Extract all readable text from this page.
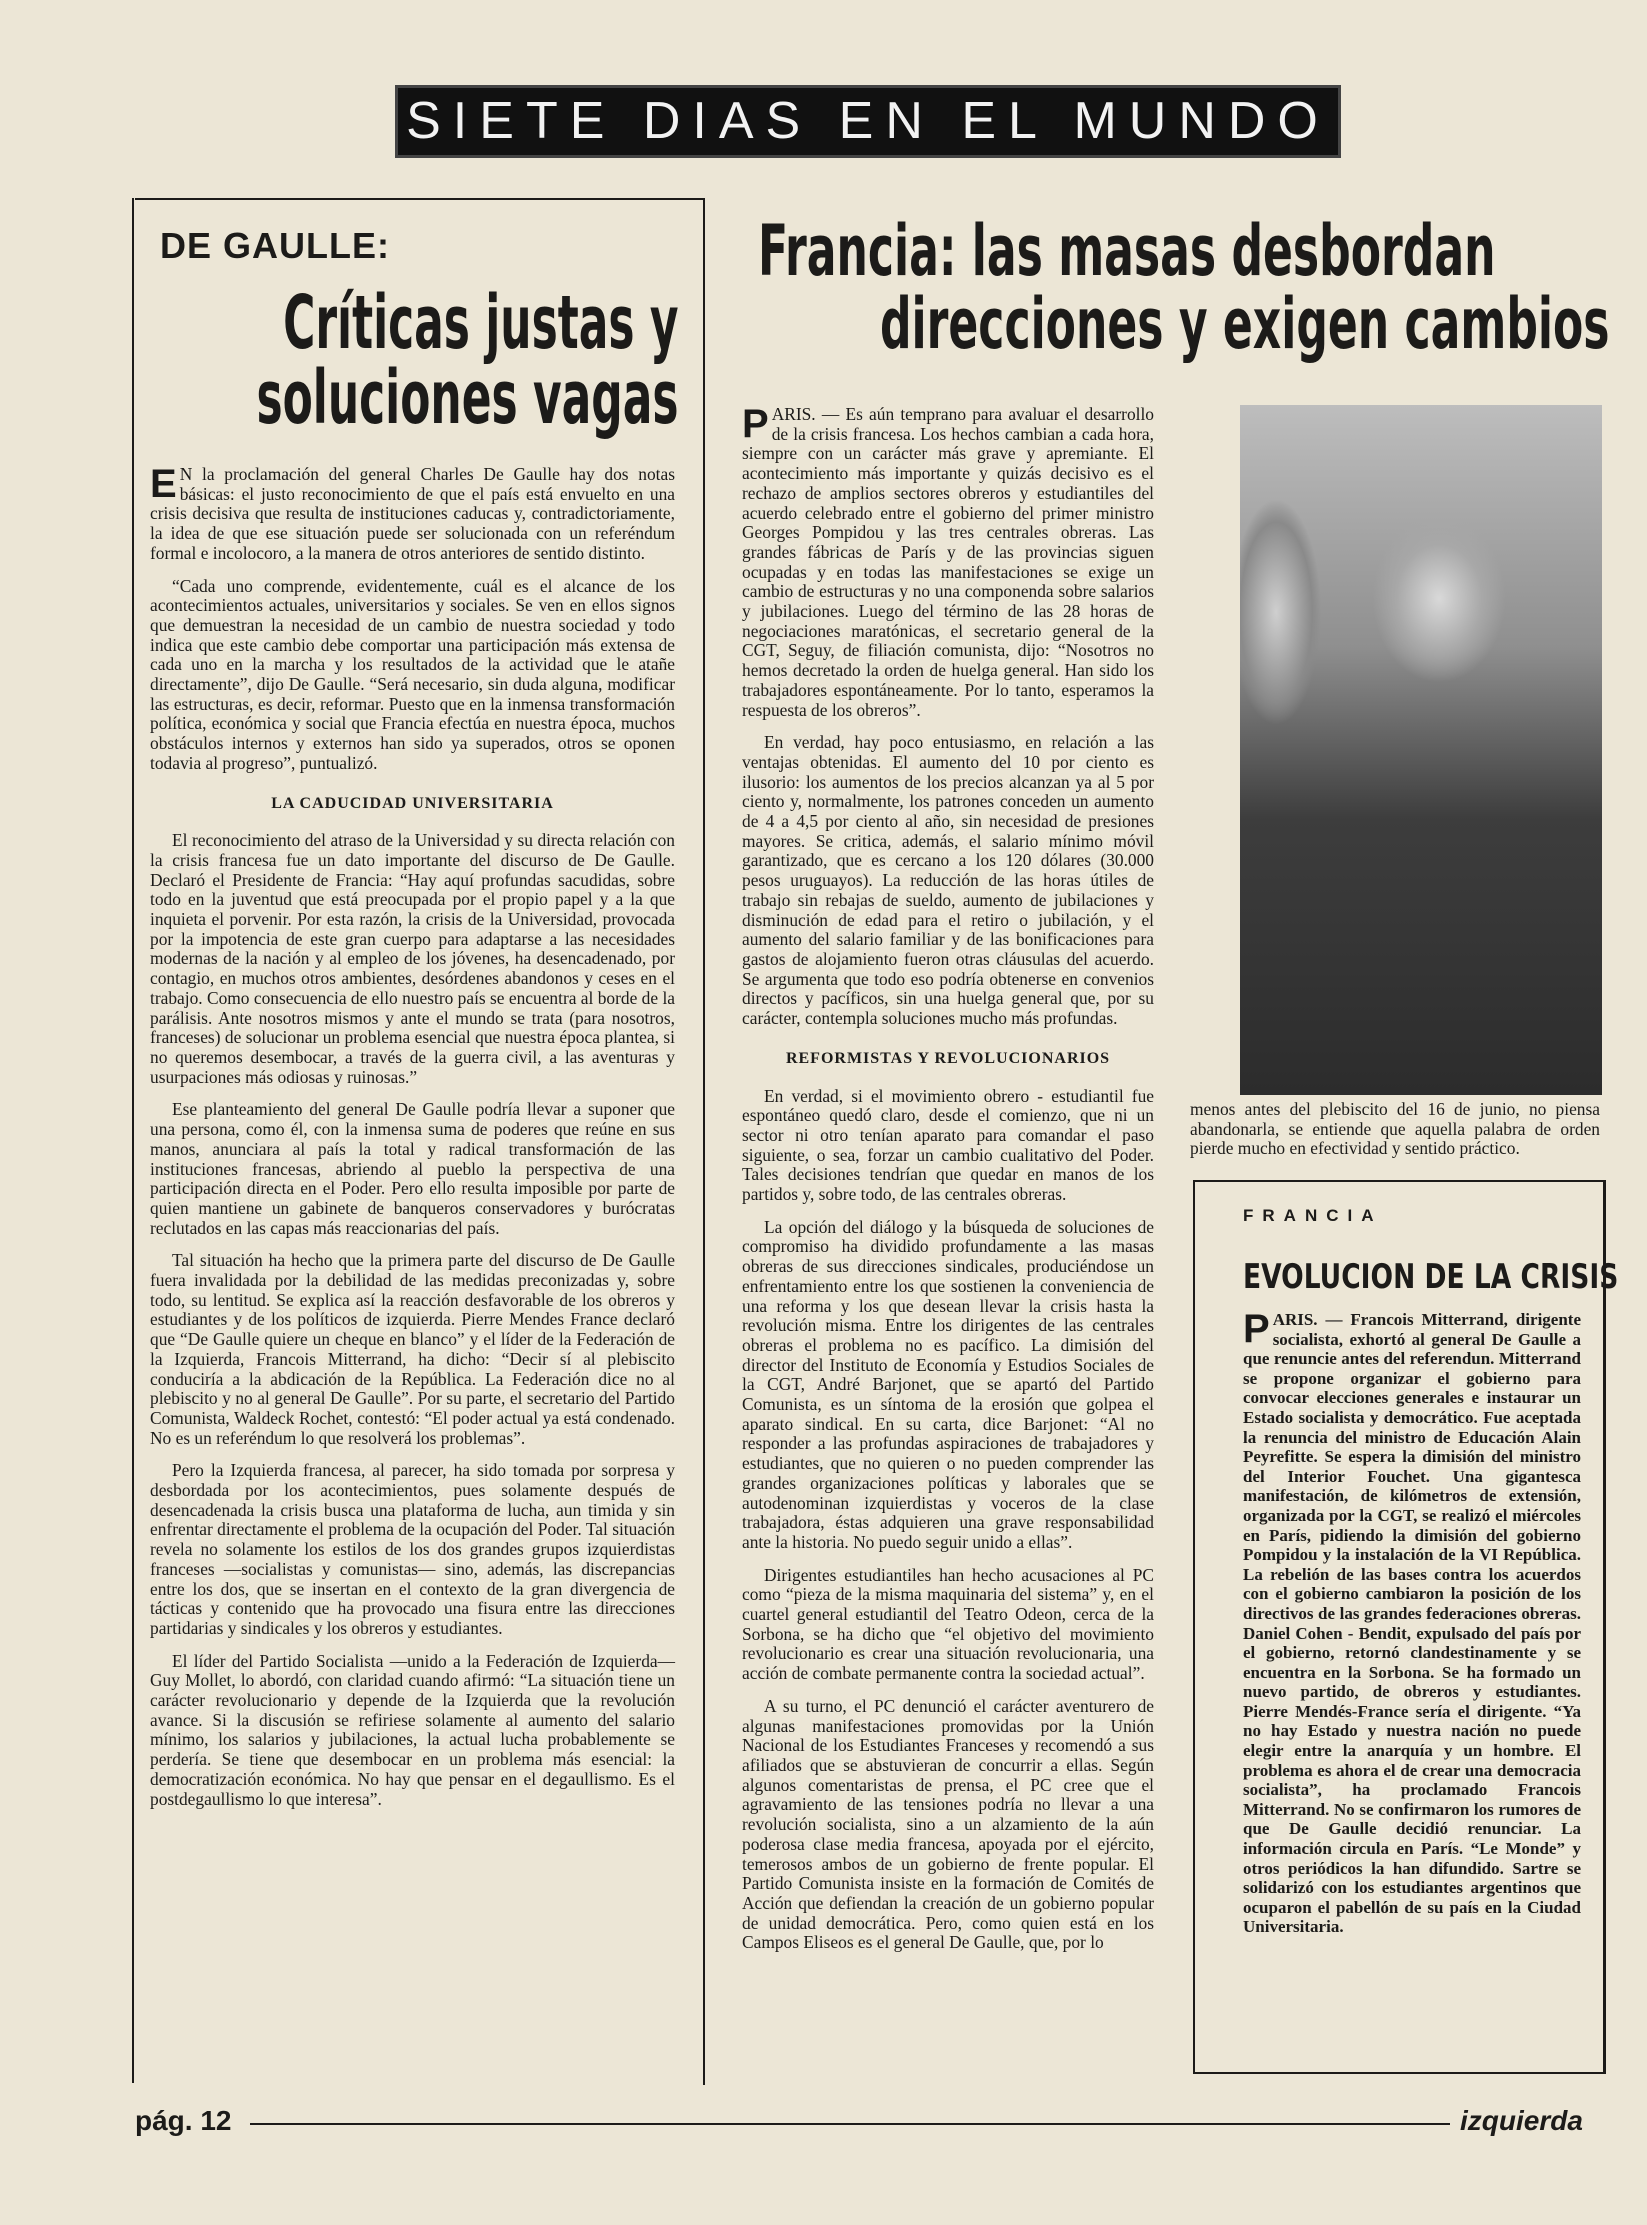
SIETE DIAS EN EL MUNDO
DE GAULLE:
Críticas justas y
soluciones vagas

E N la proclamación del general Charles De Gaulle hay dos notas básicas: el justo reconocimiento de que el país está envuelto en una crisis decisiva que resulta de instituciones caducas y, contradictoriamente, la idea de que ese situación puede ser solucionada con un referéndum formal e incolocoro, a la manera de otros anteriores de sentido distinto.

“Cada uno comprende, evidentemente, cuál es el alcance de los acontecimientos actuales, universitarios y sociales. Se ven en ellos signos que demuestran la necesidad de un cambio de nuestra sociedad y todo indica que este cambio debe comportar una participación más extensa de cada uno en la marcha y los resultados de la actividad que le atañe directamente”, dijo De Gaulle. “Será necesario, sin duda alguna, modificar las estructuras, es decir, reformar. Puesto que en la inmensa transformación política, económica y social que Francia efectúa en nuestra época, muchos obstáculos internos y externos han sido ya superados, otros se oponen todavia al progreso”, puntualizó.

LA CADUCIDAD UNIVERSITARIA

El reconocimiento del atraso de la Universidad y su directa relación con la crisis francesa fue un dato importante del discurso de De Gaulle. Declaró el Presidente de Francia: “Hay aquí profundas sacudidas, sobre todo en la juventud que está preocupada por el propio papel y a la que inquieta el porvenir. Por esta razón, la crisis de la Universidad, provocada por la impotencia de este gran cuerpo para adaptarse a las necesidades modernas de la nación y al empleo de los jóvenes, ha desencadenado, por contagio, en muchos otros ambientes, desórdenes abandonos y ceses en el trabajo. Como consecuencia de ello nuestro país se encuentra al borde de la parálisis. Ante nosotros mismos y ante el mundo se trata (para nosotros, franceses) de solucionar un problema esencial que nuestra época plantea, si no queremos desembocar, a través de la guerra civil, a las aventuras y usurpaciones más odiosas y ruinosas.”

Ese planteamiento del general De Gaulle podría llevar a suponer que una persona, como él, con la inmensa suma de poderes que reúne en sus manos, anunciara al país la total y radical transformación de las instituciones francesas, abriendo al pueblo la perspectiva de una participación directa en el Poder. Pero ello resulta imposible por parte de quien mantiene un gabinete de banqueros conservadores y burócratas reclutados en las capas más reaccionarias del país.

Tal situación ha hecho que la primera parte del discurso de De Gaulle fuera invalidada por la debilidad de las medidas preconizadas y, sobre todo, su lentitud. Se explica así la reacción desfavorable de los obreros y estudiantes y de los políticos de izquierda. Pierre Mendes France declaró que “De Gaulle quiere un cheque en blanco” y el líder de la Federación de la Izquierda, Francois Mitterrand, ha dicho: “Decir sí al plebiscito conduciría a la abdicación de la República. La Federación dice no al plebiscito y no al general De Gaulle”. Por su parte, el secretario del Partido Comunista, Waldeck Rochet, contestó: “El poder actual ya está condenado. No es un referéndum lo que resolverá los problemas”.

Pero la Izquierda francesa, al parecer, ha sido tomada por sorpresa y desbordada por los acontecimientos, pues solamente después de desencadenada la crisis busca una plataforma de lucha, aun timida y sin enfrentar directamente el problema de la ocupación del Poder. Tal situación revela no solamente los estilos de los dos grandes grupos izquierdistas franceses —socialistas y comunistas— sino, además, las discrepancias entre los dos, que se insertan en el contexto de la gran divergencia de tácticas y contenido que ha provocado una fisura entre las direcciones partidarias y sindicales y los obreros y estudiantes.

El líder del Partido Socialista —unido a la Federación de Izquierda— Guy Mollet, lo abordó, con claridad cuando afirmó: “La situación tiene un carácter revolucionario y depende de la Izquierda que la revolución avance. Si la discusión se refiriese solamente al aumento del salario mínimo, los salarios y jubilaciones, la actual lucha probablemente se perdería. Se tiene que desembocar en un problema más esencial: la democratización económica. No hay que pensar en el degaullismo. Es el postdegaullismo lo que interesa”.

Francia: las masas desbordan
direcciones y exigen cambios

PARIS. — Es aún temprano para avaluar el desarrollo de la crisis francesa. Los hechos cambian a cada hora, siempre con un carácter más grave y apremiante. El acontecimiento más importante y quizás decisivo es el rechazo de amplios sectores obreros y estudiantiles del acuerdo celebrado entre el gobierno del primer ministro Georges Pompidou y las tres centrales obreras. Las grandes fábricas de París y de las provincias siguen ocupadas y en todas las manifestaciones se exige un cambio de estructuras y no una componenda sobre salarios y jubilaciones. Luego del término de las 28 horas de negociaciones maratónicas, el secretario general de la CGT, Seguy, de filiación comunista, dijo: “Nosotros no hemos decretado la orden de huelga general. Han sido los trabajadores espontáneamente. Por lo tanto, esperamos la respuesta de los obreros”.

En verdad, hay poco entusiasmo, en relación a las ventajas obtenidas. El aumento del 10 por ciento es ilusorio: los aumentos de los precios alcanzan ya al 5 por ciento y, normalmente, los patrones conceden un aumento de 4 a 4,5 por ciento al año, sin necesidad de presiones mayores. Se critica, además, el salario mínimo móvil garantizado, que es cercano a los 120 dólares (30.000 pesos uruguayos). La reducción de las horas útiles de trabajo sin rebajas de sueldo, aumento de jubilaciones y disminución de edad para el retiro o jubilación, y el aumento del salario familiar y de las bonificaciones para gastos de alojamiento fueron otras cláusulas del acuerdo. Se argumenta que todo eso podría obtenerse en convenios directos y pacíficos, sin una huelga general que, por su carácter, contempla soluciones mucho más profundas.

REFORMISTAS Y REVOLUCIONARIOS

En verdad, si el movimiento obrero - estudiantil fue espontáneo quedó claro, desde el comienzo, que ni un sector ni otro tenían aparato para comandar el paso siguiente, o sea, forzar un cambio cualitativo del Poder. Tales decisiones tendrían que quedar en manos de los partidos y, sobre todo, de las centrales obreras.

La opción del diálogo y la búsqueda de soluciones de compromiso ha dividido profundamente a las masas obreras de sus direcciones sindicales, produciéndose un enfrentamiento entre los que sostienen la conveniencia de una reforma y los que desean llevar la crisis hasta la revolución misma. Entre los dirigentes de las centrales obreras el problema no es pacífico. La dimisión del director del Instituto de Economía y Estudios Sociales de la CGT, André Barjonet, que se apartó del Partido Comunista, es un síntoma de la erosión que golpea el aparato sindical. En su carta, dice Barjonet: “Al no responder a las profundas aspiraciones de trabajadores y estudiantes, que no quieren o no pueden comprender las grandes organizaciones políticas y laborales que se autodenominan izquierdistas y voceros de la clase trabajadora, éstas adquieren una grave responsabilidad ante la historia. No puedo seguir unido a ellas”.

Dirigentes estudiantiles han hecho acusaciones al PC como “pieza de la misma maquinaria del sistema” y, en el cuartel general estudiantil del Teatro Odeon, cerca de la Sorbona, se ha dicho que “el objetivo del movimiento revolucionario es crear una situación revolucionaria, una acción de combate permanente contra la sociedad actual”.

A su turno, el PC denunció el carácter aventurero de algunas manifestaciones promovidas por la Unión Nacional de los Estudiantes Franceses y recomendó a sus afiliados que se abstuvieran de concurrir a ellas. Según algunos comentaristas de prensa, el PC cree que el agravamiento de las tensiones podría no llevar a una revolución socialista, sino a un alzamiento de la aún poderosa clase media francesa, apoyada por el ejército, temerosos ambos de un gobierno de frente popular. El Partido Comunista insiste en la formación de Comités de Acción que defiendan la creación de un gobierno popular de unidad democrática. Pero, como quien está en los Campos Eliseos es el general De Gaulle, que, por lo

menos antes del plebiscito del 16 de junio, no piensa abandonarla, se entiende que aquella palabra de orden pierde mucho en efectividad y sentido práctico.
FRANCIA
EVOLUCION DE LA CRISIS
PARIS. — Francois Mitterrand, dirigente socialista, exhortó al general De Gaulle a que renuncie antes del referendun. Mitterrand se propone organizar el gobierno para convocar elecciones generales e instaurar un Estado socialista y democrático. Fue aceptada la renuncia del ministro de Educación Alain Peyrefitte. Se espera la dimisión del ministro del Interior Fouchet. Una gigantesca manifestación, de kilómetros de extensión, organizada por la CGT, se realizó el miércoles en París, pidiendo la dimisión del gobierno Pompidou y la instalación de la VI República. La rebelión de las bases contra los acuerdos con el gobierno cambiaron la posición de los directivos de las grandes federaciones obreras. Daniel Cohen - Bendit, expulsado del país por el gobierno, retornó clandestinamente y se encuentra en la Sorbona. Se ha formado un nuevo partido, de obreros y estudiantes. Pierre Mendés-France sería el dirigente. “Ya no hay Estado y nuestra nación no puede elegir entre la anarquía y un hombre. El problema es ahora el de crear una democracia socialista”, ha proclamado Francois Mitterrand. No se confirmaron los rumores de que De Gaulle decidió renunciar. La información circula en París. “Le Monde” y otros periódicos la han difundido. Sartre se solidarizó con los estudiantes argentinos que ocuparon el pabellón de su país en la Ciudad Universitaria.
pág. 12	izquierda
